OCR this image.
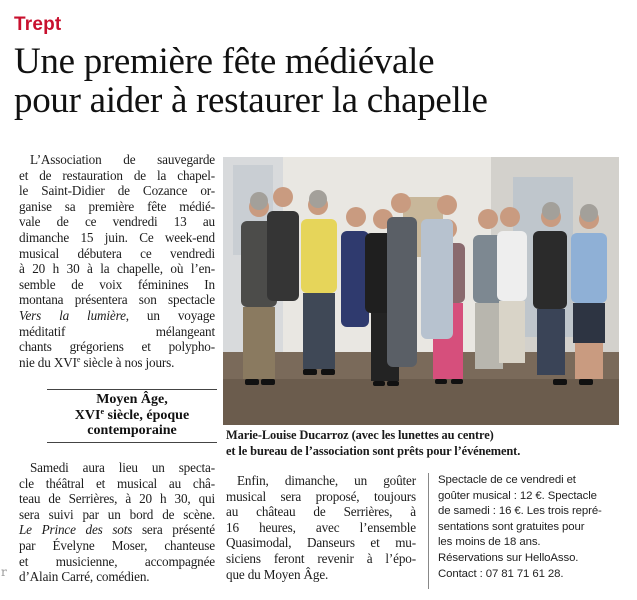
Trept
Une première fête médiévale
pour aider à restaurer la chapelle
L’Association de sauvegarde
et de restauration de la chapel-
le Saint-Didier de Cozance or-
ganise sa première fête médié-
vale de ce vendredi 13 au
dimanche 15 juin. Ce week-end
musical débutera ce vendredi
à 20 h 30 à la chapelle, où l’en-
semble de voix féminines In
montana présentera son spectacle
Vers la lumière, un voyage
méditatif mélangeant
chants grégoriens et polypho-
nie du XVIe siècle à nos jours.
Moyen Âge,
XVIe siècle, époque
contemporaine
Samedi aura lieu un specta-
cle théâtral et musical au châ-
teau de Serrières, à 20 h 30, qui
sera suivi par un bord de scène.
Le Prince des sots sera présenté
par Évelyne Moser, chanteuse
et musicienne, accompagnée
d’Alain Carré, comédien.
Marie-Louise Ducarroz (avec les lunettes au centre)
et le bureau de l’association sont prêts pour l’événement.
Enfin, dimanche, un goûter
musical sera proposé, toujours
au château de Serrières, à
16 heures, avec l’ensemble
Quasimodal, Danseurs et mu-
siciens feront revenir à l’épo-
que du Moyen Âge.
Spectacle de ce vendredi et
goûter musical : 12 €. Spectacle
de samedi : 16 €. Les trois repré-
sentations sont gratuites pour
les moins de 18 ans.
Réservations sur HelloAsso.
Contact : 07 81 71 61 28.
r
